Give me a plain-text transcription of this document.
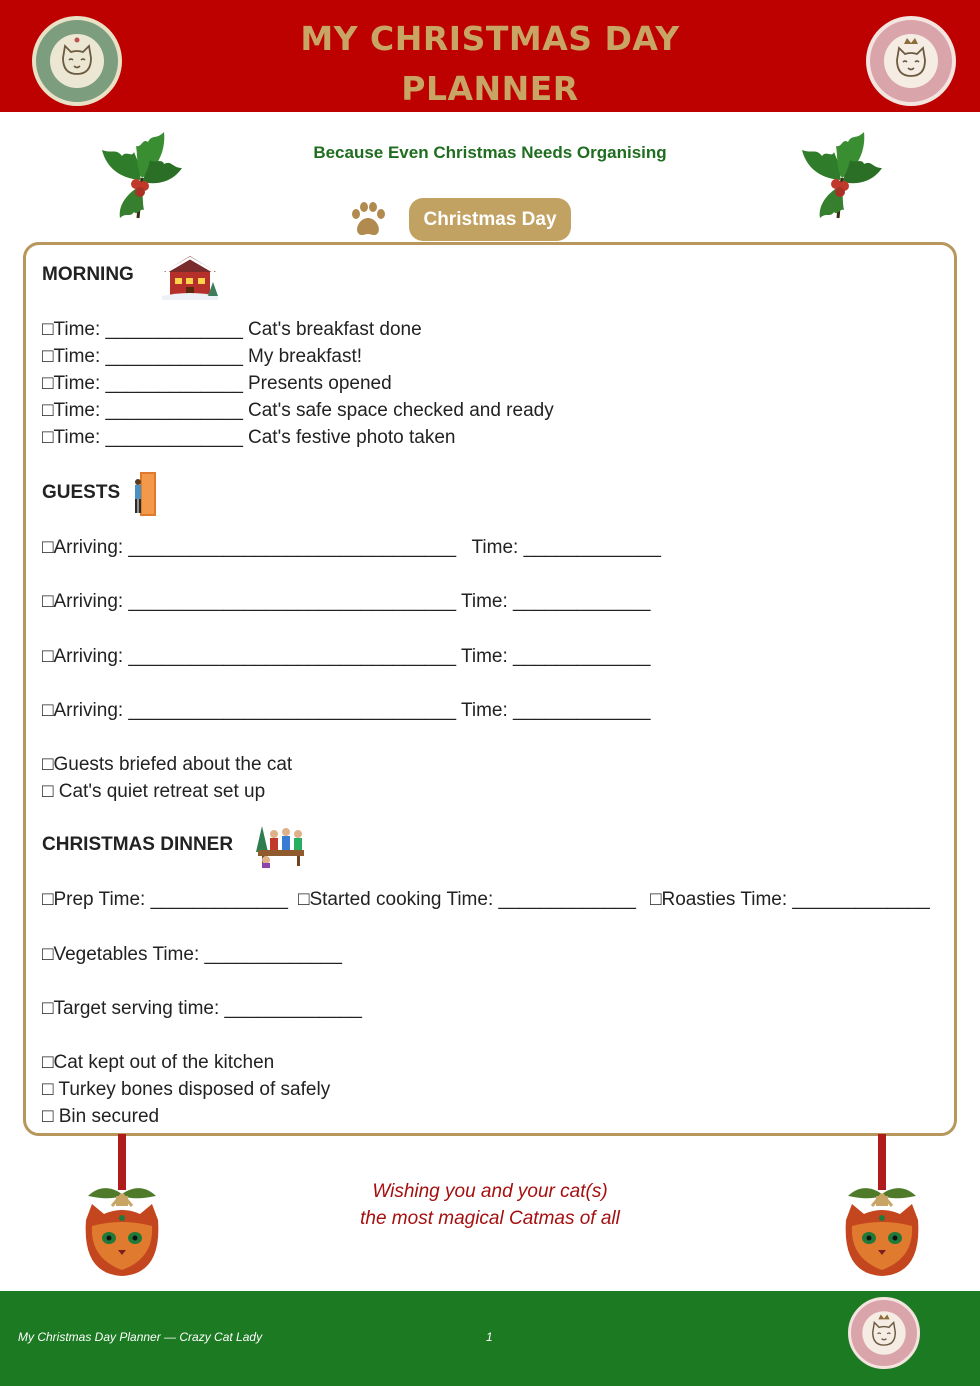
MY CHRISTMAS DAY
PLANNER
Because Even Christmas Needs Organising
Christmas Day
MORNING
□Time: _____________ Cat's breakfast done
□Time: _____________ My breakfast!
□Time: _____________ Presents opened
□Time: _____________ Cat's safe space checked and ready
□Time: _____________ Cat's festive photo taken
GUESTS
□Arriving: _______________________________   Time: _____________
□Arriving: _______________________________ Time: _____________
□Arriving: _______________________________ Time: _____________
□Arriving: _______________________________ Time: _____________
□Guests briefed about the cat
□ Cat's quiet retreat set up
CHRISTMAS DINNER
□Prep Time: _____________ □Started cooking Time: _____________ □Roasties Time: _____________
□Vegetables Time: _____________
□Target serving time: _____________
□Cat kept out of the kitchen
□ Turkey bones disposed of safely
□ Bin secured
Wishing you and your cat(s)
the most magical Catmas of all
My Christmas Day Planner — Crazy Cat Lady	1
